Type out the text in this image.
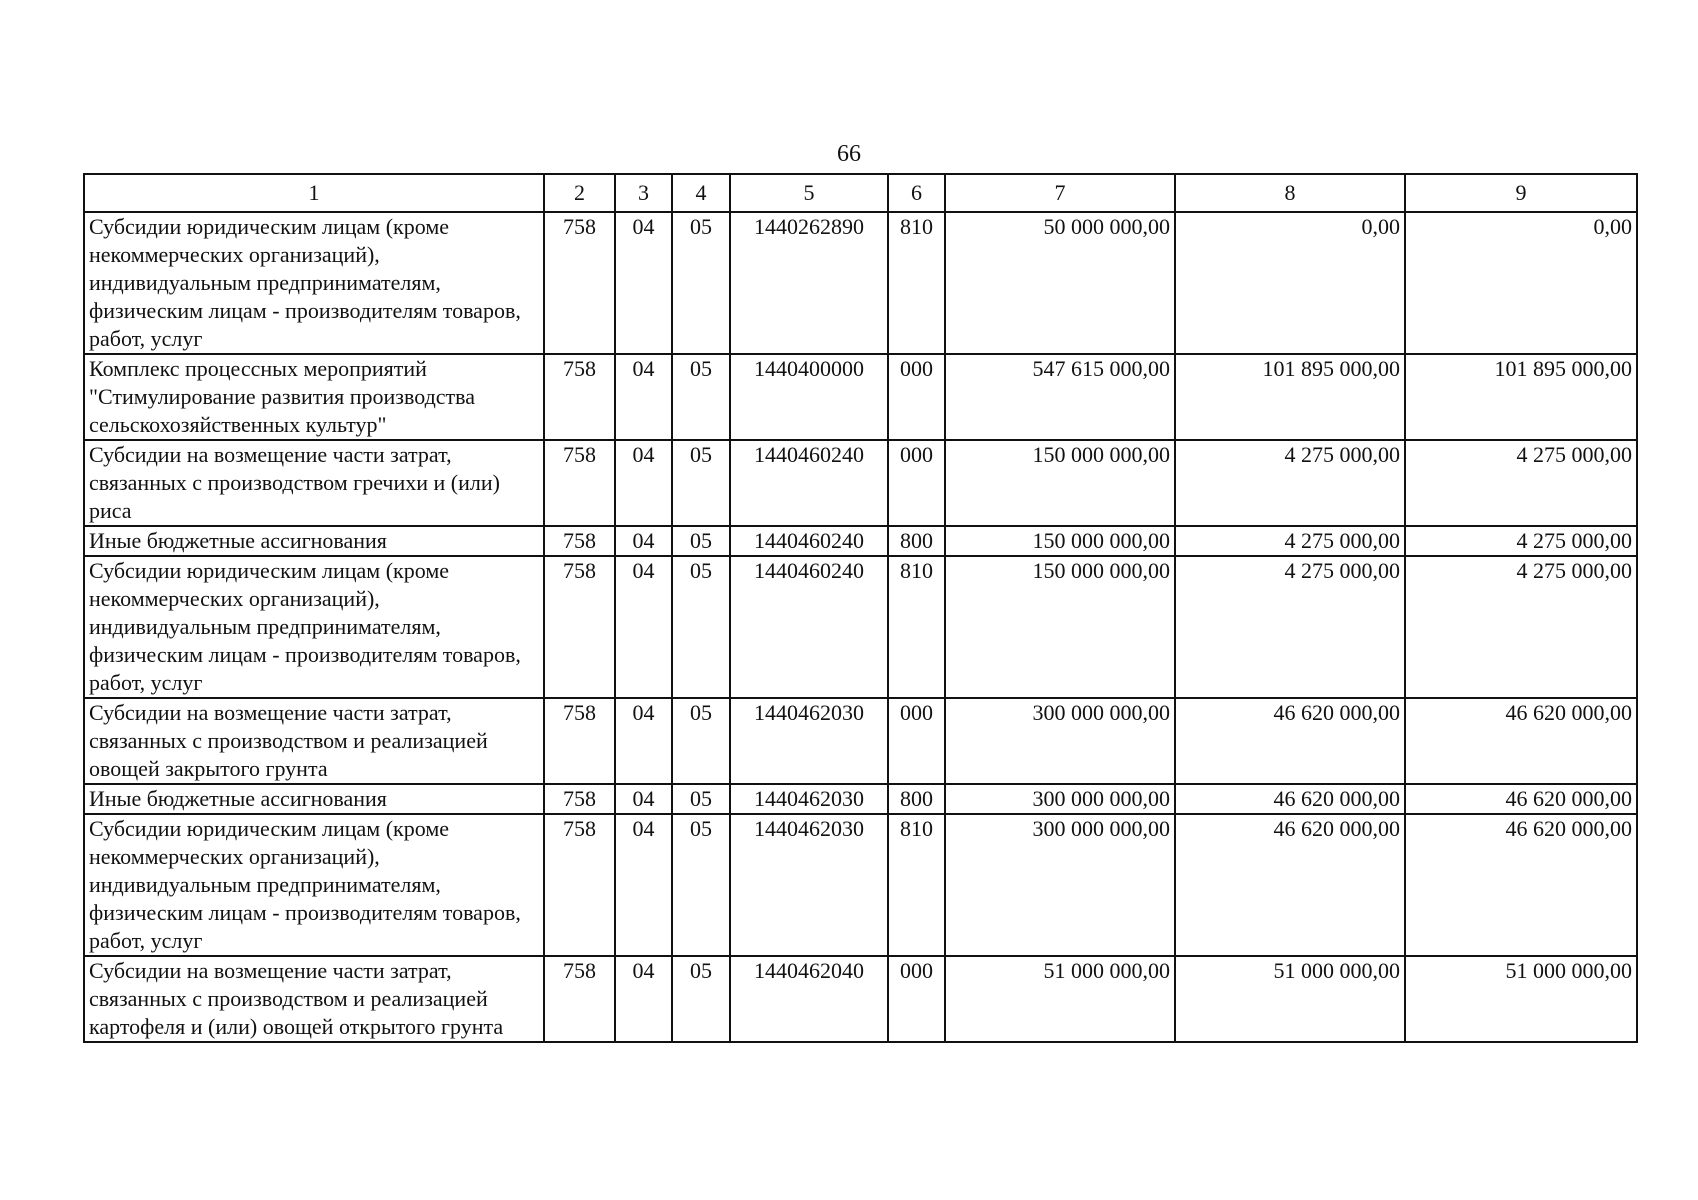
66
1	2	3	4	5	6	7	8	9
Субсидии юридическим лицам (кроме некоммерческих организаций), индивидуальным предпринимателям, физическим лицам - производителям товаров, работ, услуг	758	04	05	1440262890	810	50 000 000,00	0,00	0,00
Комплекс процессных мероприятий "Стимулирование развития производства сельскохозяйственных культур"	758	04	05	1440400000	000	547 615 000,00	101 895 000,00	101 895 000,00
Субсидии на возмещение части затрат, связанных с производством гречихи и (или) риса	758	04	05	1440460240	000	150 000 000,00	4 275 000,00	4 275 000,00
Иные бюджетные ассигнования	758	04	05	1440460240	800	150 000 000,00	4 275 000,00	4 275 000,00
Субсидии юридическим лицам (кроме некоммерческих организаций), индивидуальным предпринимателям, физическим лицам - производителям товаров, работ, услуг	758	04	05	1440460240	810	150 000 000,00	4 275 000,00	4 275 000,00
Субсидии на возмещение части затрат, связанных с производством и реализацией овощей закрытого грунта	758	04	05	1440462030	000	300 000 000,00	46 620 000,00	46 620 000,00
Иные бюджетные ассигнования	758	04	05	1440462030	800	300 000 000,00	46 620 000,00	46 620 000,00
Субсидии юридическим лицам (кроме некоммерческих организаций), индивидуальным предпринимателям, физическим лицам - производителям товаров, работ, услуг	758	04	05	1440462030	810	300 000 000,00	46 620 000,00	46 620 000,00
Субсидии на возмещение части затрат, связанных с производством и реализацией картофеля и (или) овощей открытого грунта	758	04	05	1440462040	000	51 000 000,00	51 000 000,00	51 000 000,00
